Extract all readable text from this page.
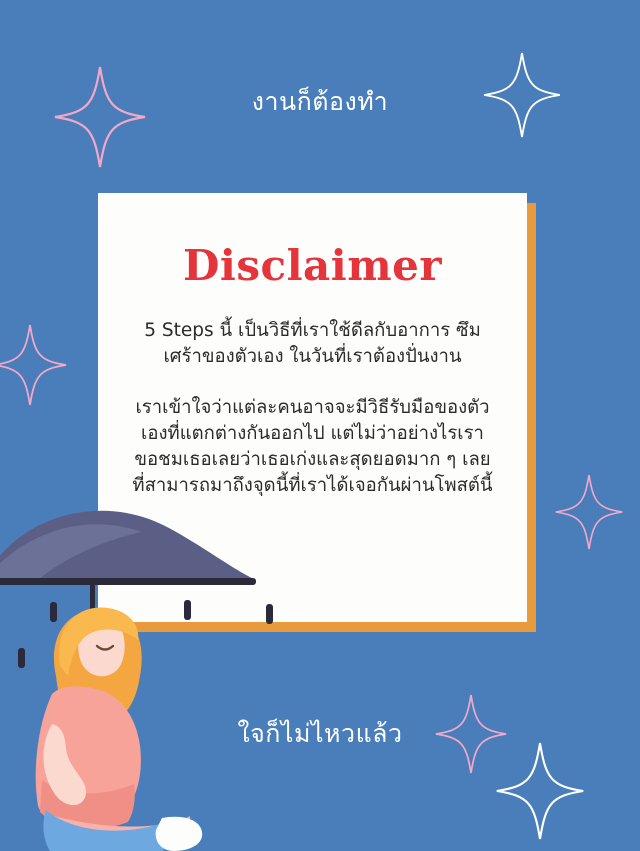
งานก็ต้องทำ
Disclaimer
5 Steps นี้ เป็นวิธีที่เราใช้ดีลกับอาการ ซึมเศร้าของตัวเอง ในวันที่เราต้องปั่นงาน
เราเข้าใจว่าแต่ละคนอาจจะมีวิธีรับมือของตัวเองที่แตกต่างกันออกไป แต่ไม่ว่าอย่างไรเราขอชมเธอเลยว่าเธอเก่งและสุดยอดมาก ๆ เลย ที่สามารถมาถึงจุดนี้ที่เราได้เจอกันผ่านโพสต์นี้
ใจก็ไม่ไหวแล้ว
